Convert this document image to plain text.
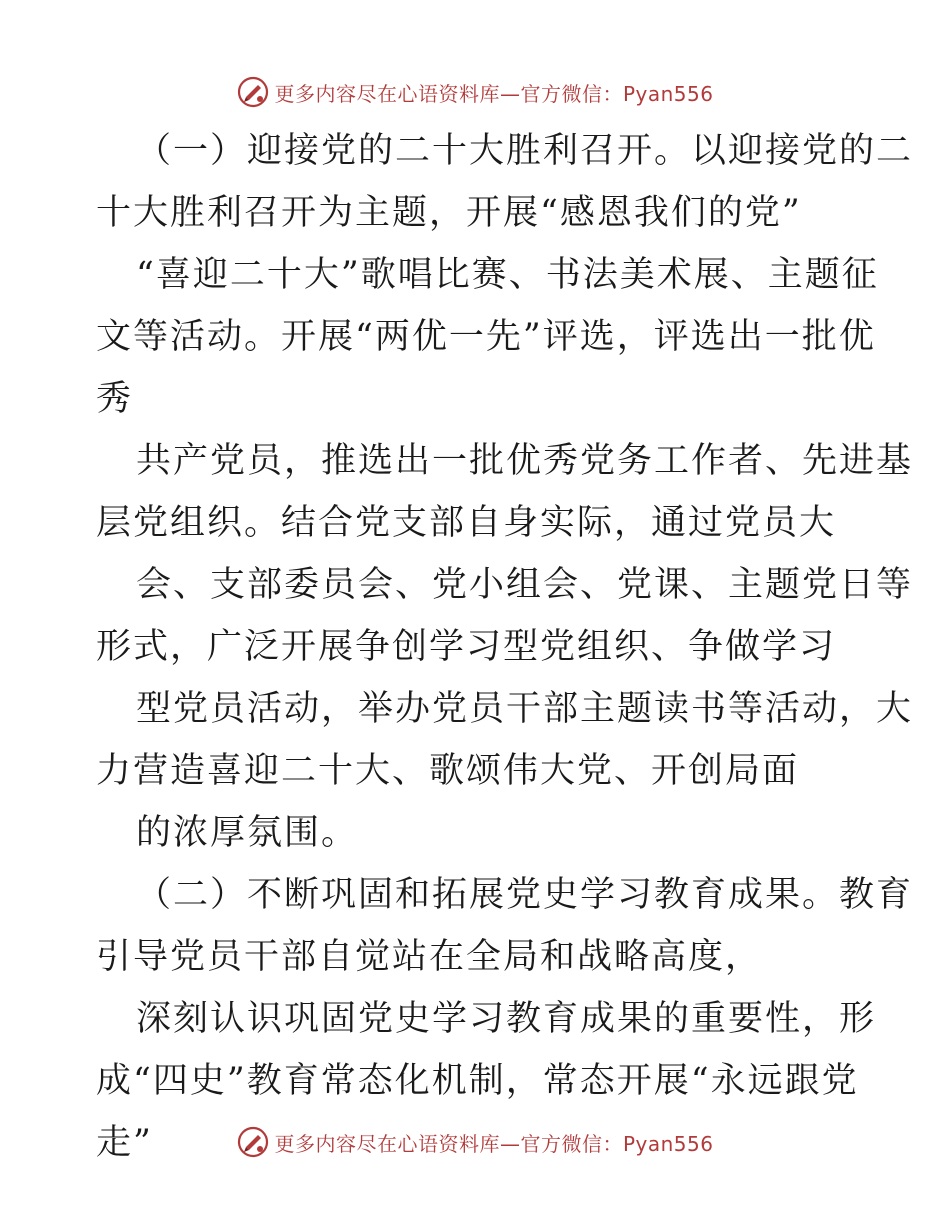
更多内容尽在心语资料库—官方微信：Pyan556
（一）迎接党的二十大胜利召开。以迎接党的二
十大胜利召开为主题，开展“感恩我们的党”
“喜迎二十大”歌唱比赛、书法美术展、主题征
文等活动。开展“两优一先”评选，评选出一批优
秀
共产党员，推选出一批优秀党务工作者、先进基
层党组织。结合党支部自身实际，通过党员大
会、支部委员会、党小组会、党课、主题党日等
形式，广泛开展争创学习型党组织、争做学习
型党员活动，举办党员干部主题读书等活动，大
力营造喜迎二十大、歌颂伟大党、开创局面
的浓厚氛围。
（二）不断巩固和拓展党史学习教育成果。教育
引导党员干部自觉站在全局和战略高度，
深刻认识巩固党史学习教育成果的重要性，形
成“四史”教育常态化机制，常态开展“永远跟党
走”	更多内容尽在心语资料库—官方微信：Pyan556
